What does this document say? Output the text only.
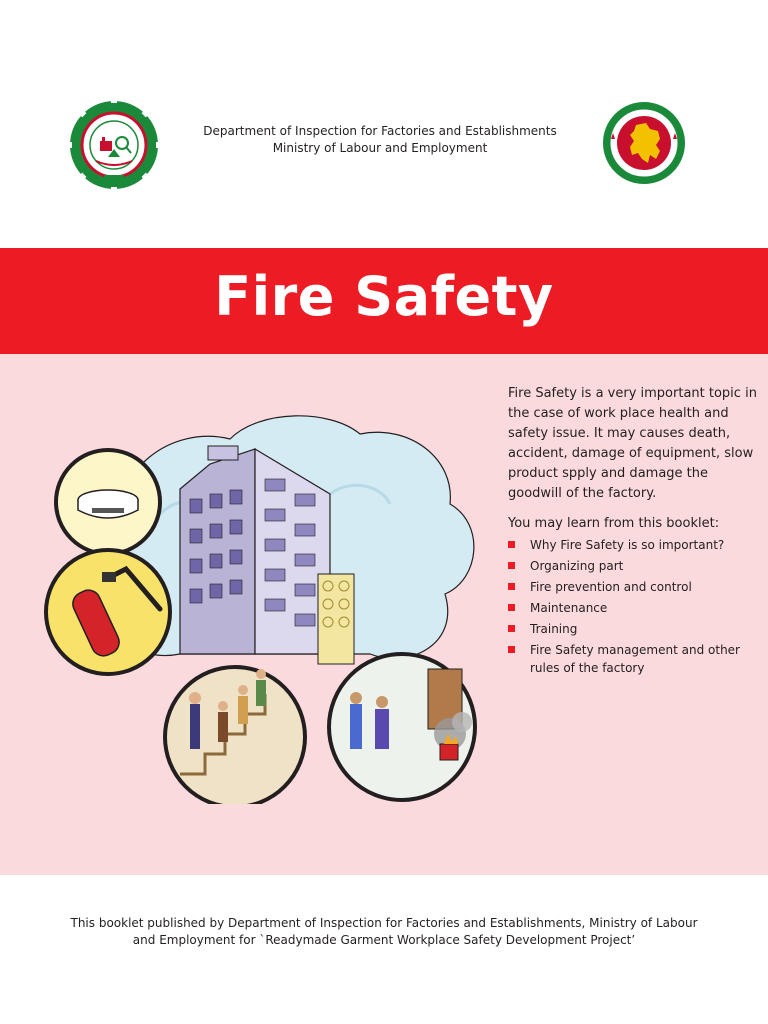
Department of Inspection for Factories and Establishments
Ministry of Labour and Employment
Fire Safety

Fire Safety is a very important topic in the case of work place health and safety issue. It may causes death, accident, damage of equipment, slow product spply and damage the goodwill of the factory.

You may learn from this booklet:

Why Fire Safety is so important?
Organizing part
Fire prevention and control
Maintenance
Training
Fire Safety management and other rules of the factory
This booklet published by Department of Inspection for Factories and Establishments, Ministry of Labour and Employment for `Readymade Garment Workplace Safety Development Project’
